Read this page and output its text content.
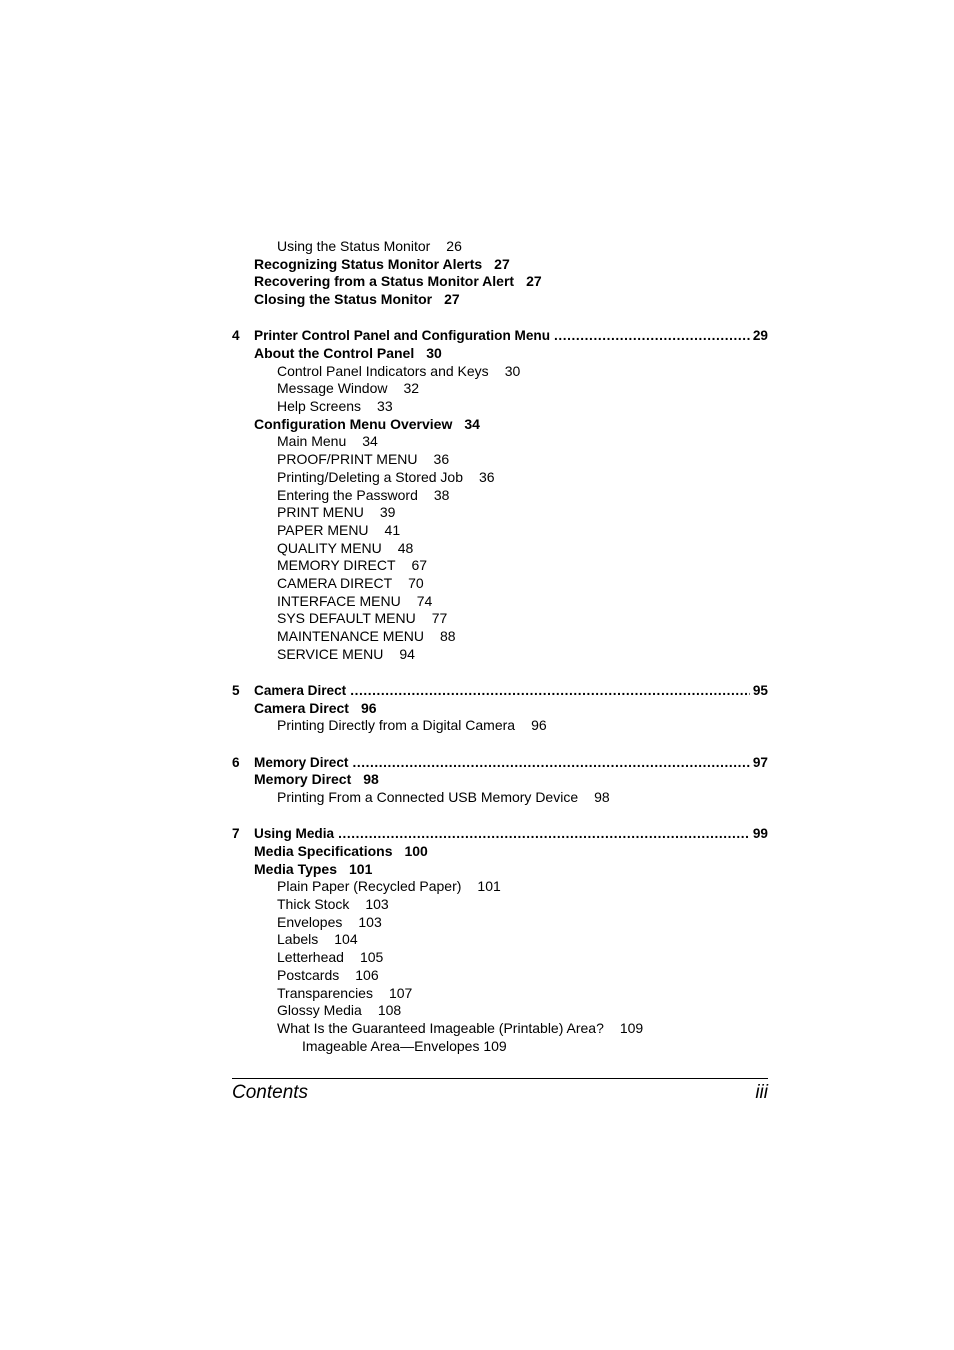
Using the Status Monitor 26
Recognizing Status Monitor Alerts 27
Recovering from a Status Monitor Alert 27
Closing the Status Monitor 27
4	Printer Control Panel and Configuration Menu .....	29
About the Control Panel 30
Control Panel Indicators and Keys 30
Message Window 32
Help Screens 33
Configuration Menu Overview 34
Main Menu 34
PROOF/PRINT MENU 36
Printing/Deleting a Stored Job 36
Entering the Password 38
PRINT MENU 39
PAPER MENU 41
QUALITY MENU 48
MEMORY DIRECT 67
CAMERA DIRECT 70
INTERFACE MENU 74
SYS DEFAULT MENU 77
MAINTENANCE MENU 88
SERVICE MENU 94
5	Camera Direct .....	95
Camera Direct 96
Printing Directly from a Digital Camera 96
6	Memory Direct .....	97
Memory Direct 98
Printing From a Connected USB Memory Device 98
7	Using Media .....	99
Media Specifications 100
Media Types 101
Plain Paper (Recycled Paper) 101
Thick Stock 103
Envelopes 103
Labels 104
Letterhead 105
Postcards 106
Transparencies 107
Glossy Media 108
What Is the Guaranteed Imageable (Printable) Area? 109
Imageable Area—Envelopes 109
Contents	iii
